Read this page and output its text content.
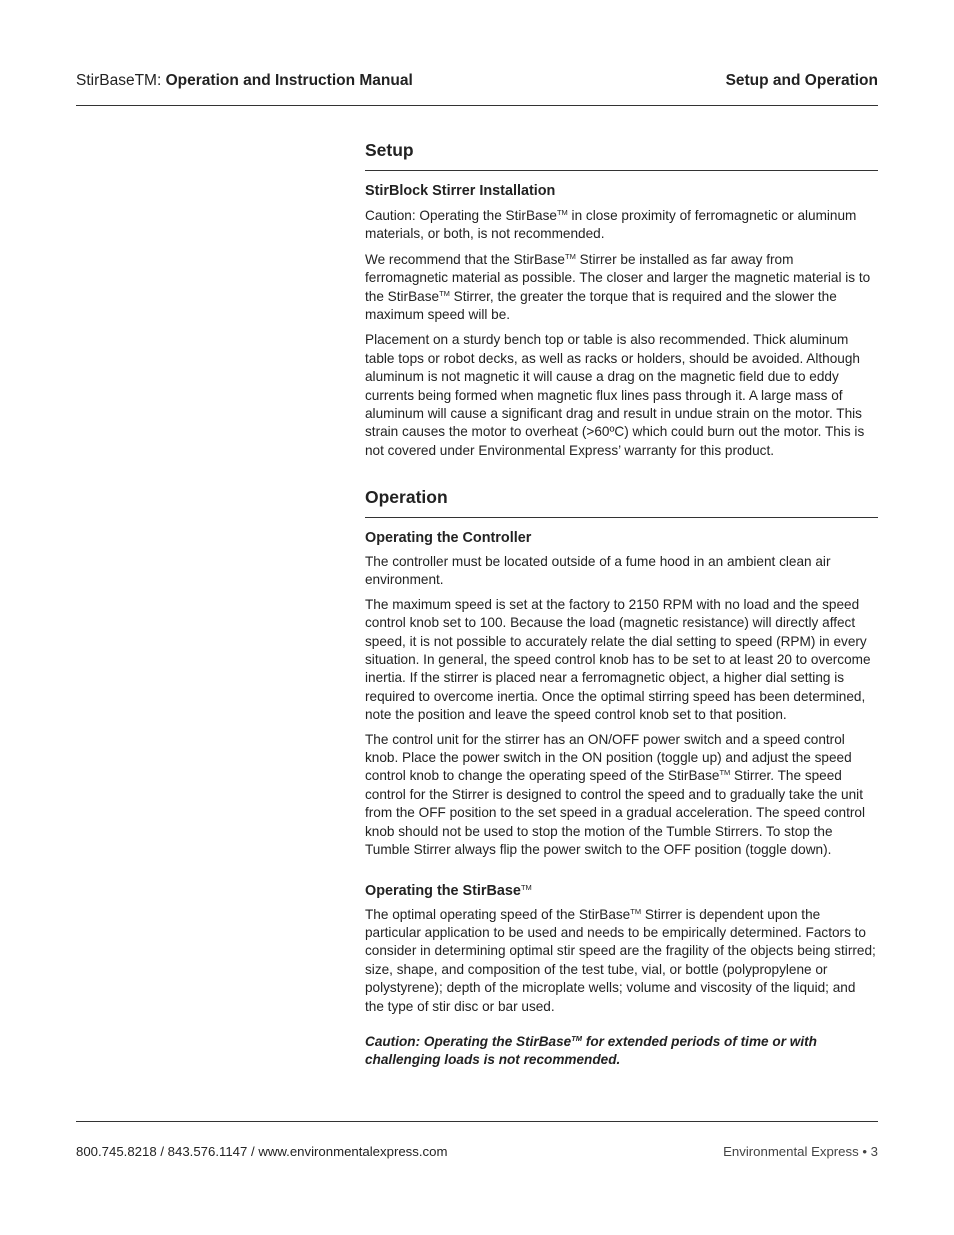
StirBaseTM: Operation and Instruction Manual	Setup and Operation
Setup
StirBlock Stirrer Installation

Caution: Operating the StirBase™ in close proximity of ferromagnetic or aluminum materials, or both, is not recommended.

We recommend that the StirBase™ Stirrer be installed as far away from ferromagnetic material as possible. The closer and larger the magnetic material is to the StirBase™ Stirrer, the greater the torque that is required and the slower the maximum speed will be.

Placement on a sturdy bench top or table is also recommended. Thick aluminum table tops or robot decks, as well as racks or holders, should be avoided. Although aluminum is not magnetic it will cause a drag on the magnetic field due to eddy currents being formed when magnetic flux lines pass through it. A large mass of aluminum will cause a significant drag and result in undue strain on the motor. This strain causes the motor to overheat (>60ºC) which could burn out the motor. This is not covered under Environmental Express’ warranty for this product.

Operation
Operating the Controller

The controller must be located outside of a fume hood in an ambient clean air environment.

The maximum speed is set at the factory to 2150 RPM with no load and the speed control knob set to 100. Because the load (magnetic resistance) will directly affect speed, it is not possible to accurately relate the dial setting to speed (RPM) in every situation. In general, the speed control knob has to be set to at least 20 to overcome inertia. If the stirrer is placed near a ferromagnetic object, a higher dial setting is required to overcome inertia. Once the optimal stirring speed has been determined, note the position and leave the speed control knob set to that position.

The control unit for the stirrer has an ON/OFF power switch and a speed control knob. Place the power switch in the ON position (toggle up) and adjust the speed control knob to change the operating speed of the StirBase™ Stirrer. The speed control for the Stirrer is designed to control the speed and to gradually take the unit from the OFF position to the set speed in a gradual acceleration. The speed control knob should not be used to stop the motion of the Tumble Stirrers. To stop the Tumble Stirrer always flip the power switch to the OFF position (toggle down).

Operating the StirBase™

The optimal operating speed of the StirBase™ Stirrer is dependent upon the particular application to be used and needs to be empirically determined. Factors to consider in determining optimal stir speed are the fragility of the objects being stirred; size, shape, and composition of the test tube, vial, or bottle (polypropylene or polystyrene); depth of the microplate wells; volume and viscosity of the liquid; and the type of stir disc or bar used.

Caution: Operating the StirBase™ for extended periods of time or with challenging loads is not recommended.

800.745.8218 / 843.576.1147 / www.environmentalexpress.com	Environmental Express • 3
